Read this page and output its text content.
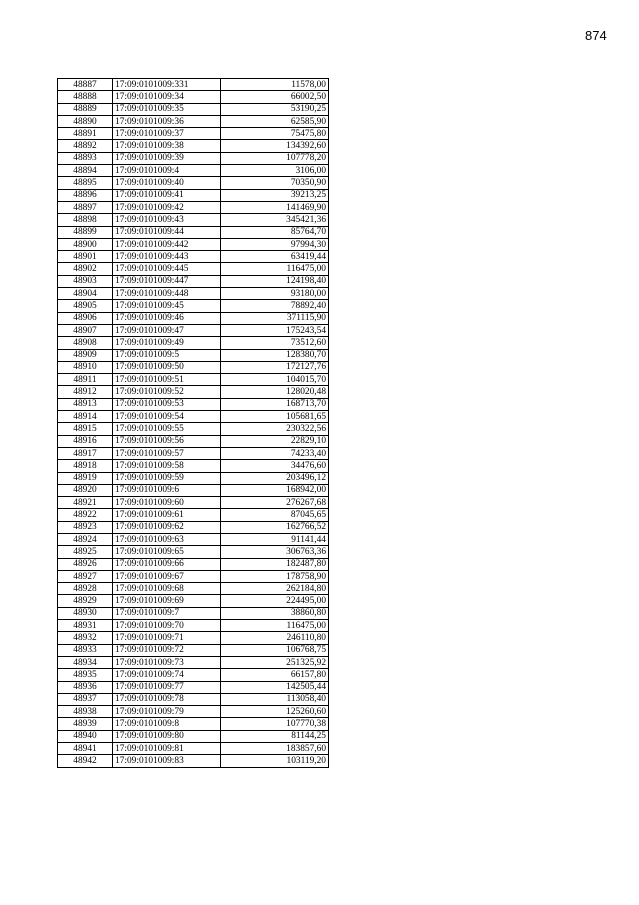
874
48887	17:09:0101009:331	11578,00
48888	17:09:0101009:34	66002,50
48889	17:09:0101009:35	53190,25
48890	17:09:0101009:36	62585,90
48891	17:09:0101009:37	75475,80
48892	17:09:0101009:38	134392,60
48893	17:09:0101009:39	107778,20
48894	17:09:0101009:4	3106,00
48895	17:09:0101009:40	70350,90
48896	17:09:0101009:41	39213,25
48897	17:09:0101009:42	141469,90
48898	17:09:0101009:43	345421,36
48899	17:09:0101009:44	85764,70
48900	17:09:0101009:442	97994,30
48901	17:09:0101009:443	63419,44
48902	17:09:0101009:445	116475,00
48903	17:09:0101009:447	124198,40
48904	17:09:0101009:448	93180,00
48905	17:09:0101009:45	78892,40
48906	17:09:0101009:46	371115,90
48907	17:09:0101009:47	175243,54
48908	17:09:0101009:49	73512,60
48909	17:09:0101009:5	128380,70
48910	17:09:0101009:50	172127,76
48911	17:09:0101009:51	104015,70
48912	17:09:0101009:52	128020,48
48913	17:09:0101009:53	168713,70
48914	17:09:0101009:54	105681,65
48915	17:09:0101009:55	230322,56
48916	17:09:0101009:56	22829,10
48917	17:09:0101009:57	74233,40
48918	17:09:0101009:58	34476,60
48919	17:09:0101009:59	203496,12
48920	17:09:0101009:6	168942,00
48921	17:09:0101009:60	276267,68
48922	17:09:0101009:61	87045,65
48923	17:09:0101009:62	162766,52
48924	17:09:0101009:63	91141,44
48925	17:09:0101009:65	306763,36
48926	17:09:0101009:66	182487,80
48927	17:09:0101009:67	178758,90
48928	17:09:0101009:68	262184,80
48929	17:09:0101009:69	224495,00
48930	17:09:0101009:7	38860,80
48931	17:09:0101009:70	116475,00
48932	17:09:0101009:71	246110,80
48933	17:09:0101009:72	106768,75
48934	17:09:0101009:73	251325,92
48935	17:09:0101009:74	66157,80
48936	17:09:0101009:77	142505,44
48937	17:09:0101009:78	113058,40
48938	17:09:0101009:79	125260,60
48939	17:09:0101009:8	107770,38
48940	17:09:0101009:80	81144,25
48941	17:09:0101009:81	183857,60
48942	17:09:0101009:83	103119,20
